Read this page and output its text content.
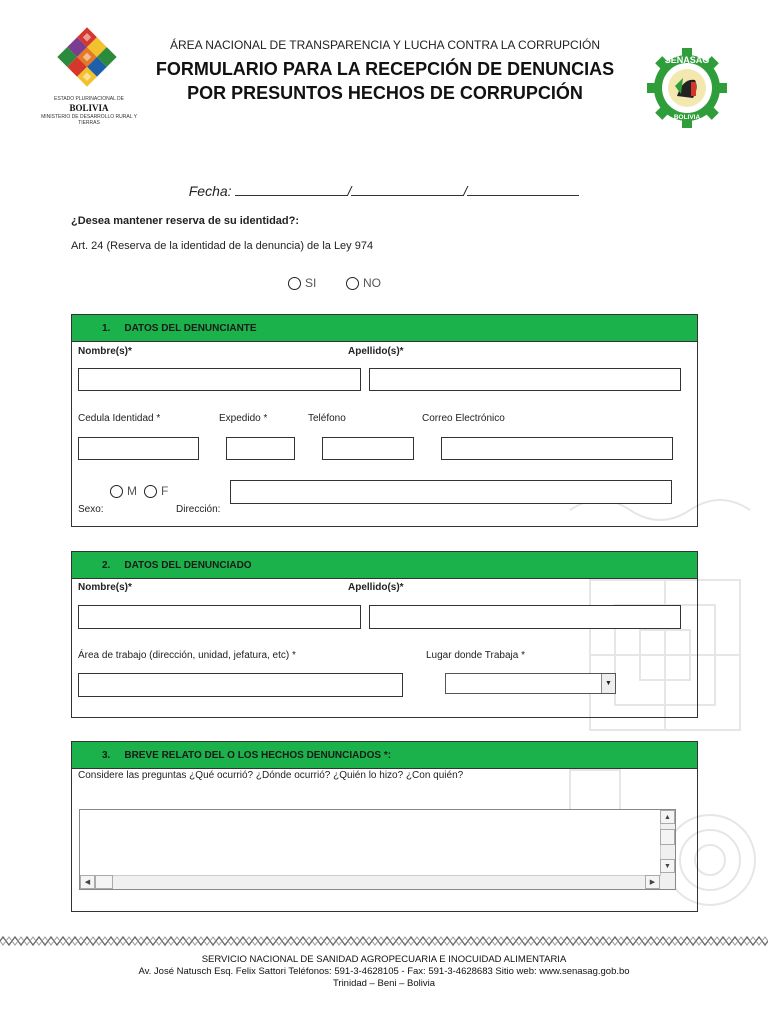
ESTADO PLURINACIONAL DE
BOLIVIA
MINISTERIO DE DESARROLLO RURAL Y TIERRAS
ÁREA NACIONAL DE TRANSPARENCIA Y LUCHA CONTRA LA CORRUPCIÓN
FORMULARIO PARA LA RECEPCIÓN DE DENUNCIAS
POR PRESUNTOS HECHOS DE CORRUPCIÓN
SENASAG
BOLIVIA
Fecha:	/	/
¿Desea mantener reserva de su identidad?:
Art. 24 (Reserva de la identidad de la denuncia) de la Ley 974
SI	NO
1. DATOS DEL DENUNCIANTE
Nombre(s)*	Apellido(s)*
Cedula Identidad *	Expedido *	Teléfono	Correo Electrónico
M F
Sexo:	Dirección:
2. DATOS DEL DENUNCIADO
Nombre(s)*	Apellido(s)*
Área de trabajo (dirección, unidad, jefatura, etc) *	Lugar donde Trabaja *
▼
3. BREVE RELATO DEL O LOS HECHOS DENUNCIADOS *:
Considere las preguntas ¿Qué ocurrió? ¿Dónde ocurrió? ¿Quién lo hizo? ¿Con quién?
▲
▼
◀	▶
SERVICIO NACIONAL DE SANIDAD AGROPECUARIA E INOCUIDAD ALIMENTARIA
Av. José Natusch Esq. Felix Sattori Teléfonos: 591-3-4628105 - Fax: 591-3-4628683 Sitio web: www.senasag.gob.bo
Trinidad – Beni – Bolivia
